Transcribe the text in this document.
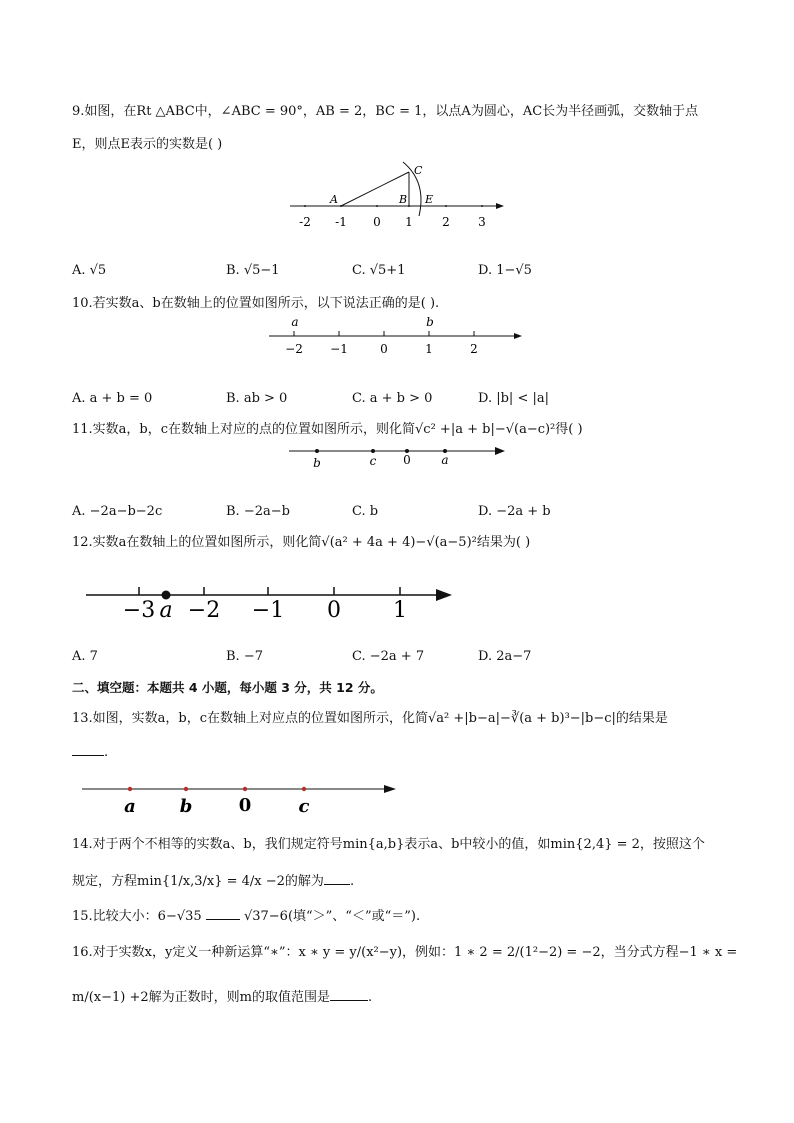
9.如图，在Rt △ABC中，∠ABC = 90°，AB = 2，BC = 1，以点A为圆心，AC长为半径画弧，交数轴于点
E，则点E表示的实数是( )
-2 -1 0 1 2 3
A	B
C
E
A. √5	B. √5−1	C. √5+1	D. 1−√5
10.若实数a、b在数轴上的位置如图所示，以下说法正确的是( ).
−2 −1	0	1	2
a	b
A. a + b = 0	B. ab > 0	C. a + b > 0	D. |b| < |a|
11.实数a，b，c在数轴上对应的点的位置如图所示，则化简√c² +|a + b|−√(a−c)²得( )
b	c 0	a
A. −2a−b−2c	B. −2a−b	C. b	D. −2a + b
12.实数a在数轴上的位置如图所示，则化简√(a² + 4a + 4)−√(a−5)²结果为( )
−3 −2 −1 0 1
a
A. 7	B. −7	C. −2a + 7	D. 2a−7
二、填空题：本题共 4 小题，每小题 3 分，共 12 分。
13.如图，实数a，b，c在数轴上对应点的位置如图所示，化简√a² +|b−a|−∛(a + b)³−|b−c|的结果是
.
a b	0	c
14.对于两个不相等的实数a、b，我们规定符号min{a,b}表示a、b中较小的值，如min{2,4} = 2，按照这个
规定，方程min{1/x,3/x} = 4/x −2的解为 .
15.比较大小：6−√35	√37−6(填“＞”、“＜”或“＝”).
16.对于实数x，y定义一种新运算“∗”：x ∗ y = y/(x²−y)，例如：1 ∗ 2 = 2/(1²−2) = −2，当分式方程−1 ∗ x =
m/(x−1) +2解为正数时，则m的取值范围是	.
